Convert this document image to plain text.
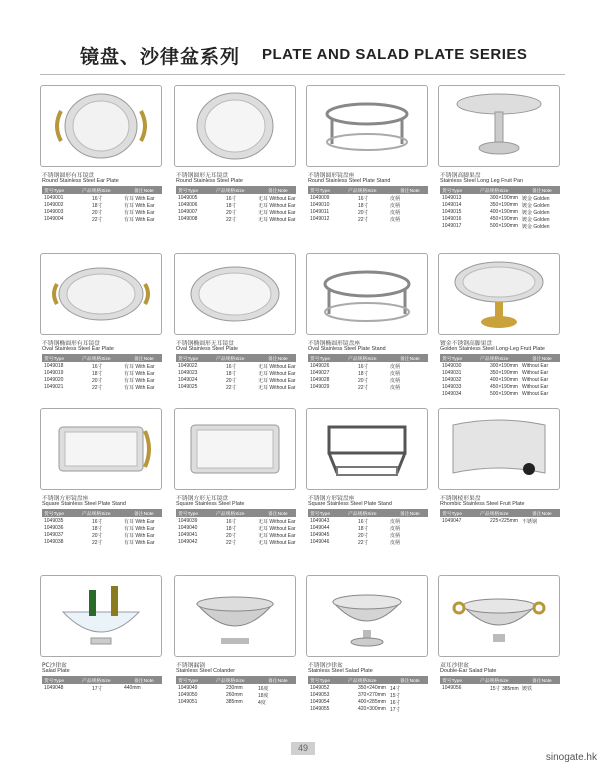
镜盘、沙律盆系列 PLATE AND SALAD PLATE SERIES
不锈钢圆形有耳镜盘
Round Stainless Steel Ear Plate
货号Type	产品规格Size	备注Note
1049001	16寸	有耳 With Ear
1049002	18寸	有耳 With Ear
1049003	20寸	有耳 With Ear
1049004	22寸	有耳 With Ear
不锈钢圆形无耳镜盘
Round Stainless Steel Plate
货号Type	产品规格Size	备注Note
1049005	16寸	无耳 Without Ear
1049006	18寸	无耳 Without Ear
1049007	20寸	无耳 Without Ear
1049008	22寸	无耳 Without Ear
不锈钢圆形镜盘座
Round Stainless Steel Plate Stand
货号Type	产品规格Size	备注Note
1049009	16寸	皮柄
1049010	18寸	皮柄
1049011	20寸	皮柄
1049012	22寸	皮柄
不锈钢高脚果盘
Stainless Steel Long Leg Fruit Pan
货号Type	产品规格Size	备注Note
1049013	300×190mm 镀金 Golden
1049014	350×190mm 镀金 Golden
1049015	400×190mm 镀金 Golden
1049016	450×190mm 镀金 Golden
1049017	500×190mm 镀金 Golden
不锈钢椭圆形有耳镜盘
Oval Stainless Steel Ear Plate
货号Type	产品规格Size	备注Note
1049018	16寸	有耳 With Ear
1049019	18寸	有耳 With Ear
1049020	20寸	有耳 With Ear
1049021	22寸	有耳 With Ear
不锈钢椭圆形无耳镜盘
Oval Stainless Steel Plate
货号Type	产品规格Size	备注Note
1049022	16寸	无耳 Without Ear
1049023	18寸	无耳 Without Ear
1049024	20寸	无耳 Without Ear
1049025	22寸	无耳 Without Ear
不锈钢椭圆形镜盘座
Oval Stainless Steel Plate Stand
货号Type	产品规格Size	备注Note
1049026	16寸	皮柄
1049027	18寸	皮柄
1049028	20寸	皮柄
1049029	22寸	皮柄
镀金不锈钢高脚果盘
Golden Stainless Steel Long-Leg Fruit Plate
货号Type	产品规格Size	备注Note
1049030	300×190mm Without Ear
1049031	350×190mm Without Ear
1049032	400×190mm Without Ear
1049033	450×190mm Without Ear
1049034	500×190mm Without Ear
不锈钢方形镜盘座
Square Stainless Steel Plate Stand
货号Type	产品规格Size	备注Note
1049035	16寸	有耳 With Ear
1049036	18寸	有耳 With Ear
1049037	20寸	有耳 With Ear
1049038	22寸	有耳 With Ear
不锈钢方形无耳镜盘
Square Stainless Steel Plate
货号Type	产品规格Size	备注Note
1049039	16寸	无耳 Without Ear
1049040	18寸	无耳 Without Ear
1049041	20寸	无耳 Without Ear
1049042	22寸	无耳 Without Ear
不锈钢方形镜盘座
Square Stainless Steel Plate Stand
货号Type	产品规格Size	备注Note
1049043	16寸	皮柄
1049044	18寸	皮柄
1049045	20寸	皮柄
1049046	22寸	皮柄
不锈钢棱形果盘
Rhombic Stainless Steel Fruit Plate
货号Type	产品规格Size	备注Note
1049047	225×225mm 不锈钢
PC沙律盆
Salad Plate
货号Type	产品规格Size	备注Note
1049048	17寸	440mm
不锈钢漏锅
Stainless Steel Colander
货号Type	产品规格Size	备注Note
1049049	230mm	16度
1049050	260mm	18度
1049051	385mm	4度
不锈钢沙律盆
Stainless Steel Salad Plate
货号Type	产品规格Size	备注Note
1049052	350×240mm 14寸
1049053	370×270mm 15寸
1049054	400×285mm 16寸
1049055	420×300mm 17寸
双耳沙律盆
Double-Ear Salad Plate
货号Type	产品规格Size	备注Note
1049056	15寸 385mm 镀铁
49
sinogate.hk
